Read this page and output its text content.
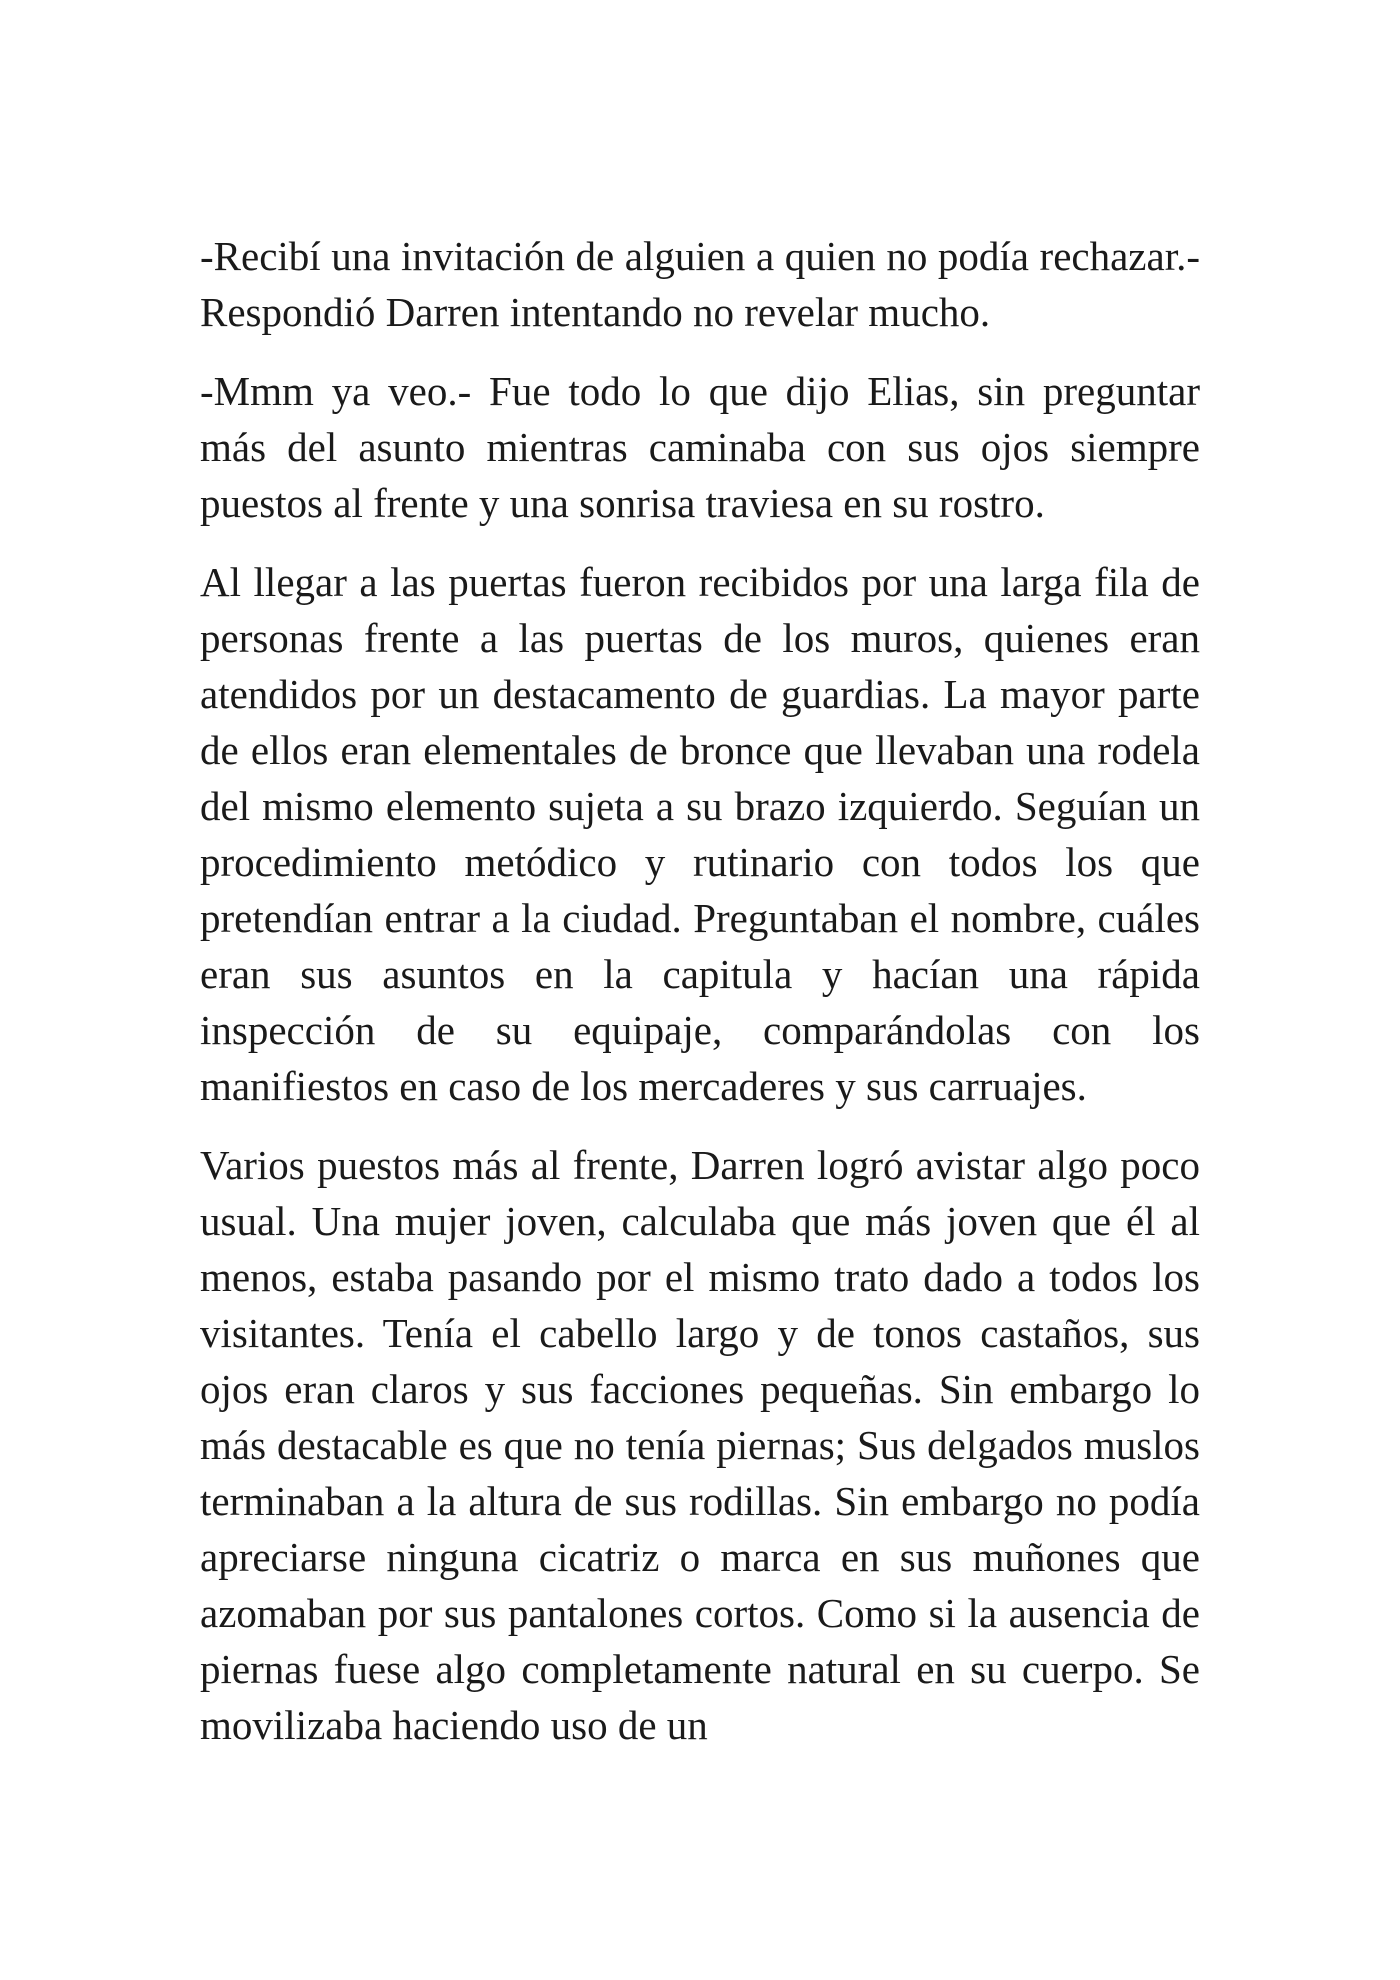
-Recibí una invitación de alguien a quien no podía rechazar.- Respondió Darren intentando no revelar mucho.

-Mmm ya veo.- Fue todo lo que dijo Elias, sin preguntar más del asunto mientras caminaba con sus ojos siempre puestos al frente y una sonrisa traviesa en su rostro.

Al llegar a las puertas fueron recibidos por una larga fila de personas frente a las puertas de los muros, quienes eran atendidos por un destacamento de guardias. La mayor parte de ellos eran elementales de bronce que llevaban una rodela del mismo elemento sujeta a su brazo izquierdo. Seguían un procedimiento metódico y rutinario con todos los que pretendían entrar a la ciudad. Preguntaban el nombre, cuáles eran sus asuntos en la capitula y hacían una rápida inspección de su equipaje, comparándolas con los manifiestos en caso de los mercaderes y sus carruajes.

Varios puestos más al frente, Darren logró avistar algo poco usual. Una mujer joven, calculaba que más joven que él al menos, estaba pasando por el mismo trato dado a todos los visitantes. Tenía el cabello largo y de tonos castaños, sus ojos eran claros y sus facciones pequeñas. Sin embargo lo más destacable es que no tenía piernas; Sus delgados muslos terminaban a la altura de sus rodillas. Sin embargo no podía apreciarse ninguna cicatriz o marca en sus muñones que azomaban por sus pantalones cortos. Como si la ausencia de piernas fuese algo completamente natural en su cuerpo. Se movilizaba haciendo uso de un
